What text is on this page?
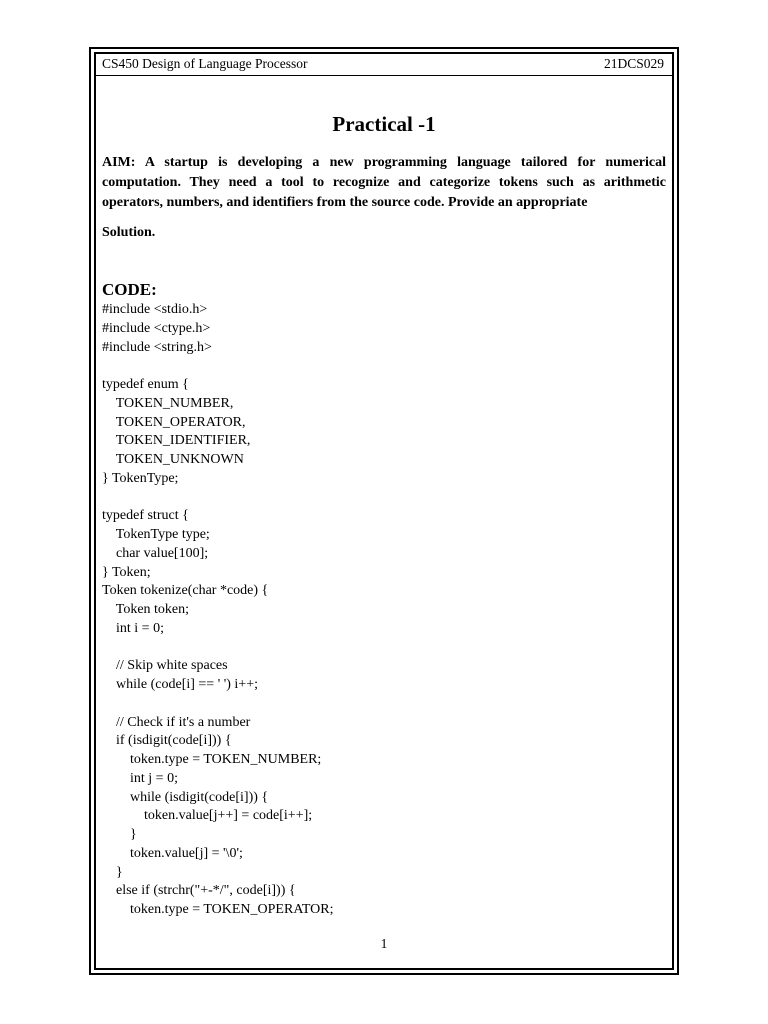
CS450 Design of Language Processor	21DCS029
Practical -1

AIM: A startup is developing a new programming language tailored for numerical computation. They need a tool to recognize and categorize tokens such as arithmetic operators, numbers, and identifiers from the source code. Provide an appropriate

Solution.
CODE:
#include <stdio.h>
#include <ctype.h>
#include <string.h>
typedef enum {
TOKEN_NUMBER,
TOKEN_OPERATOR,
TOKEN_IDENTIFIER,
TOKEN_UNKNOWN
} TokenType;
typedef struct {
TokenType type;
char value[100];
} Token;
Token tokenize(char *code) {
Token token;
int i = 0;
// Skip white spaces
while (code[i] == ' ') i++;
// Check if it's a number
if (isdigit(code[i])) {
token.type = TOKEN_NUMBER;
int j = 0;
while (isdigit(code[i])) {
token.value[j++] = code[i++];
}
token.value[j] = '\0';
}
else if (strchr("+-*/", code[i])) {
token.type = TOKEN_OPERATOR;
1
